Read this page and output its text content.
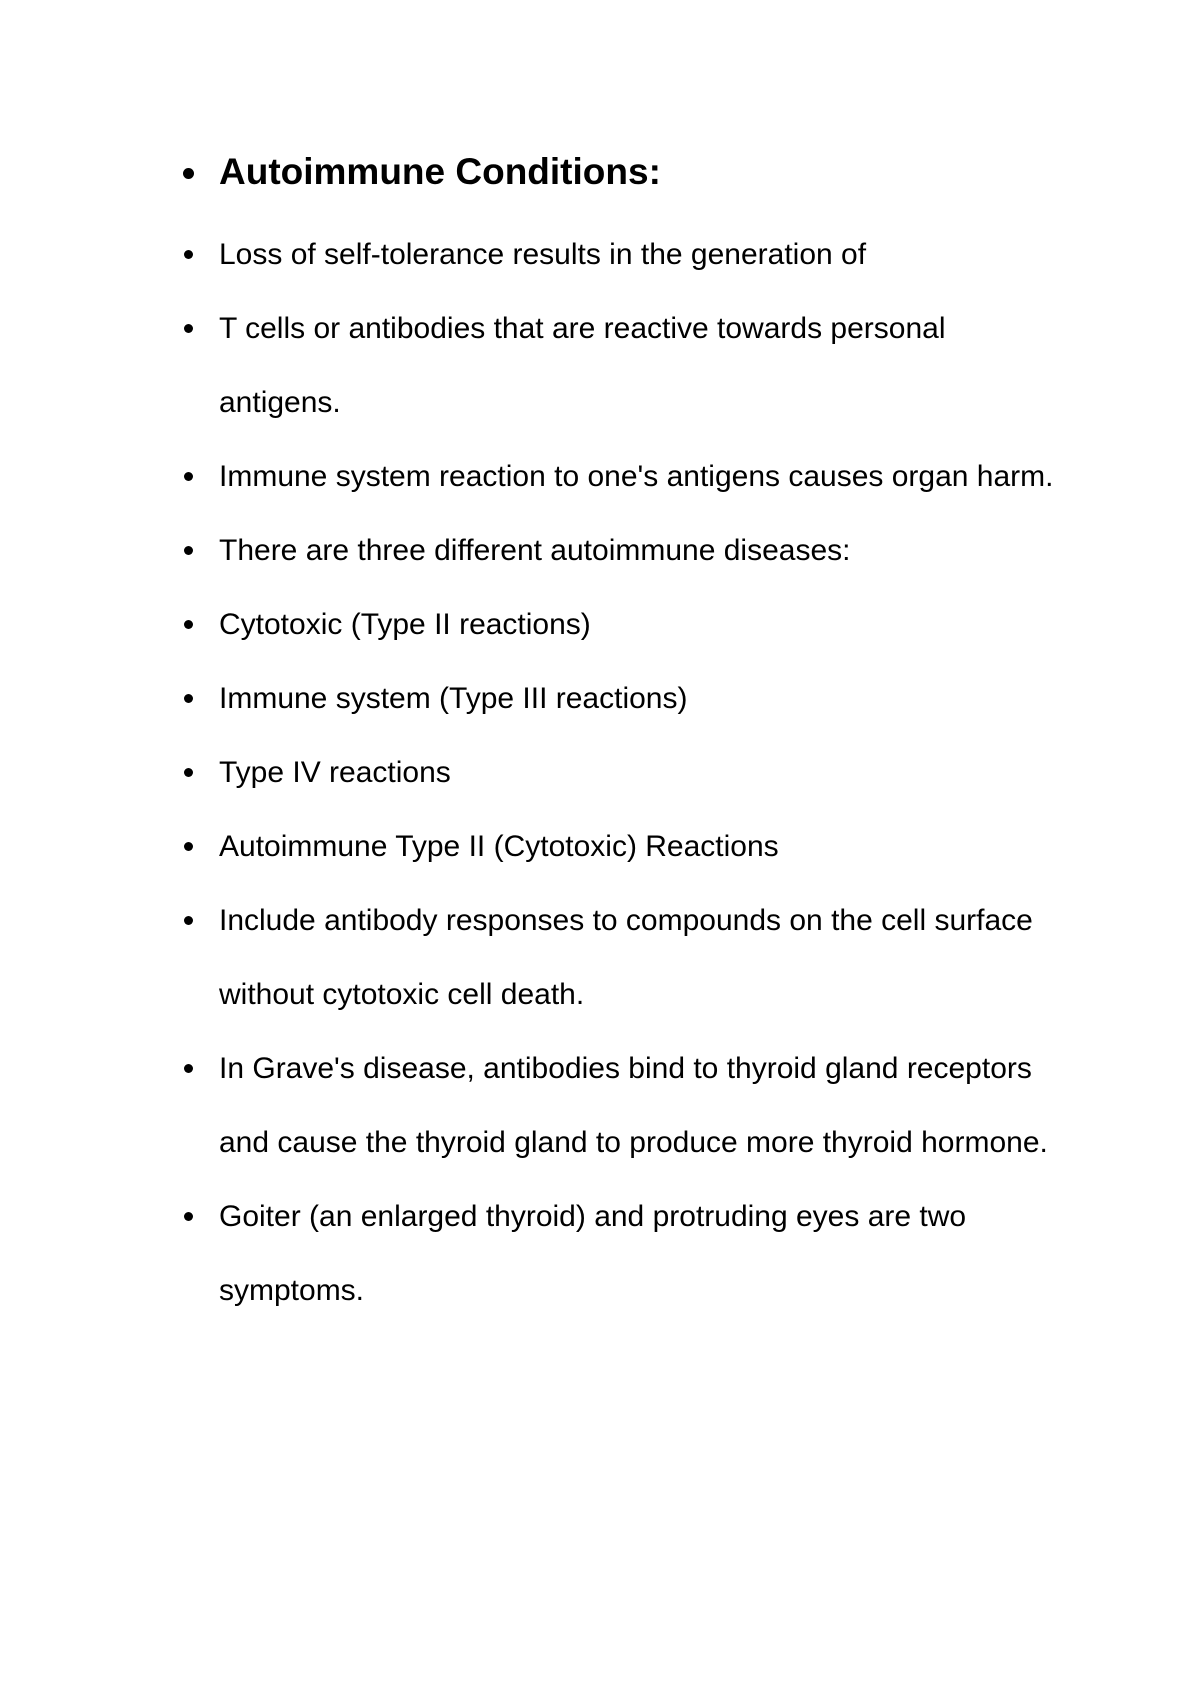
Autoimmune Conditions:
Loss of self-tolerance results in the generation of
T cells or antibodies that are reactive towards personal antigens.
Immune system reaction to one's antigens causes organ harm.
There are three different autoimmune diseases:
Cytotoxic (Type II reactions)
Immune system (Type III reactions)
Type IV reactions
Autoimmune Type II (Cytotoxic) Reactions
Include antibody responses to compounds on the cell surface without cytotoxic cell death.
In Grave's disease, antibodies bind to thyroid gland receptors and cause the thyroid gland to produce more thyroid hormone.
Goiter (an enlarged thyroid) and protruding eyes are two symptoms.
